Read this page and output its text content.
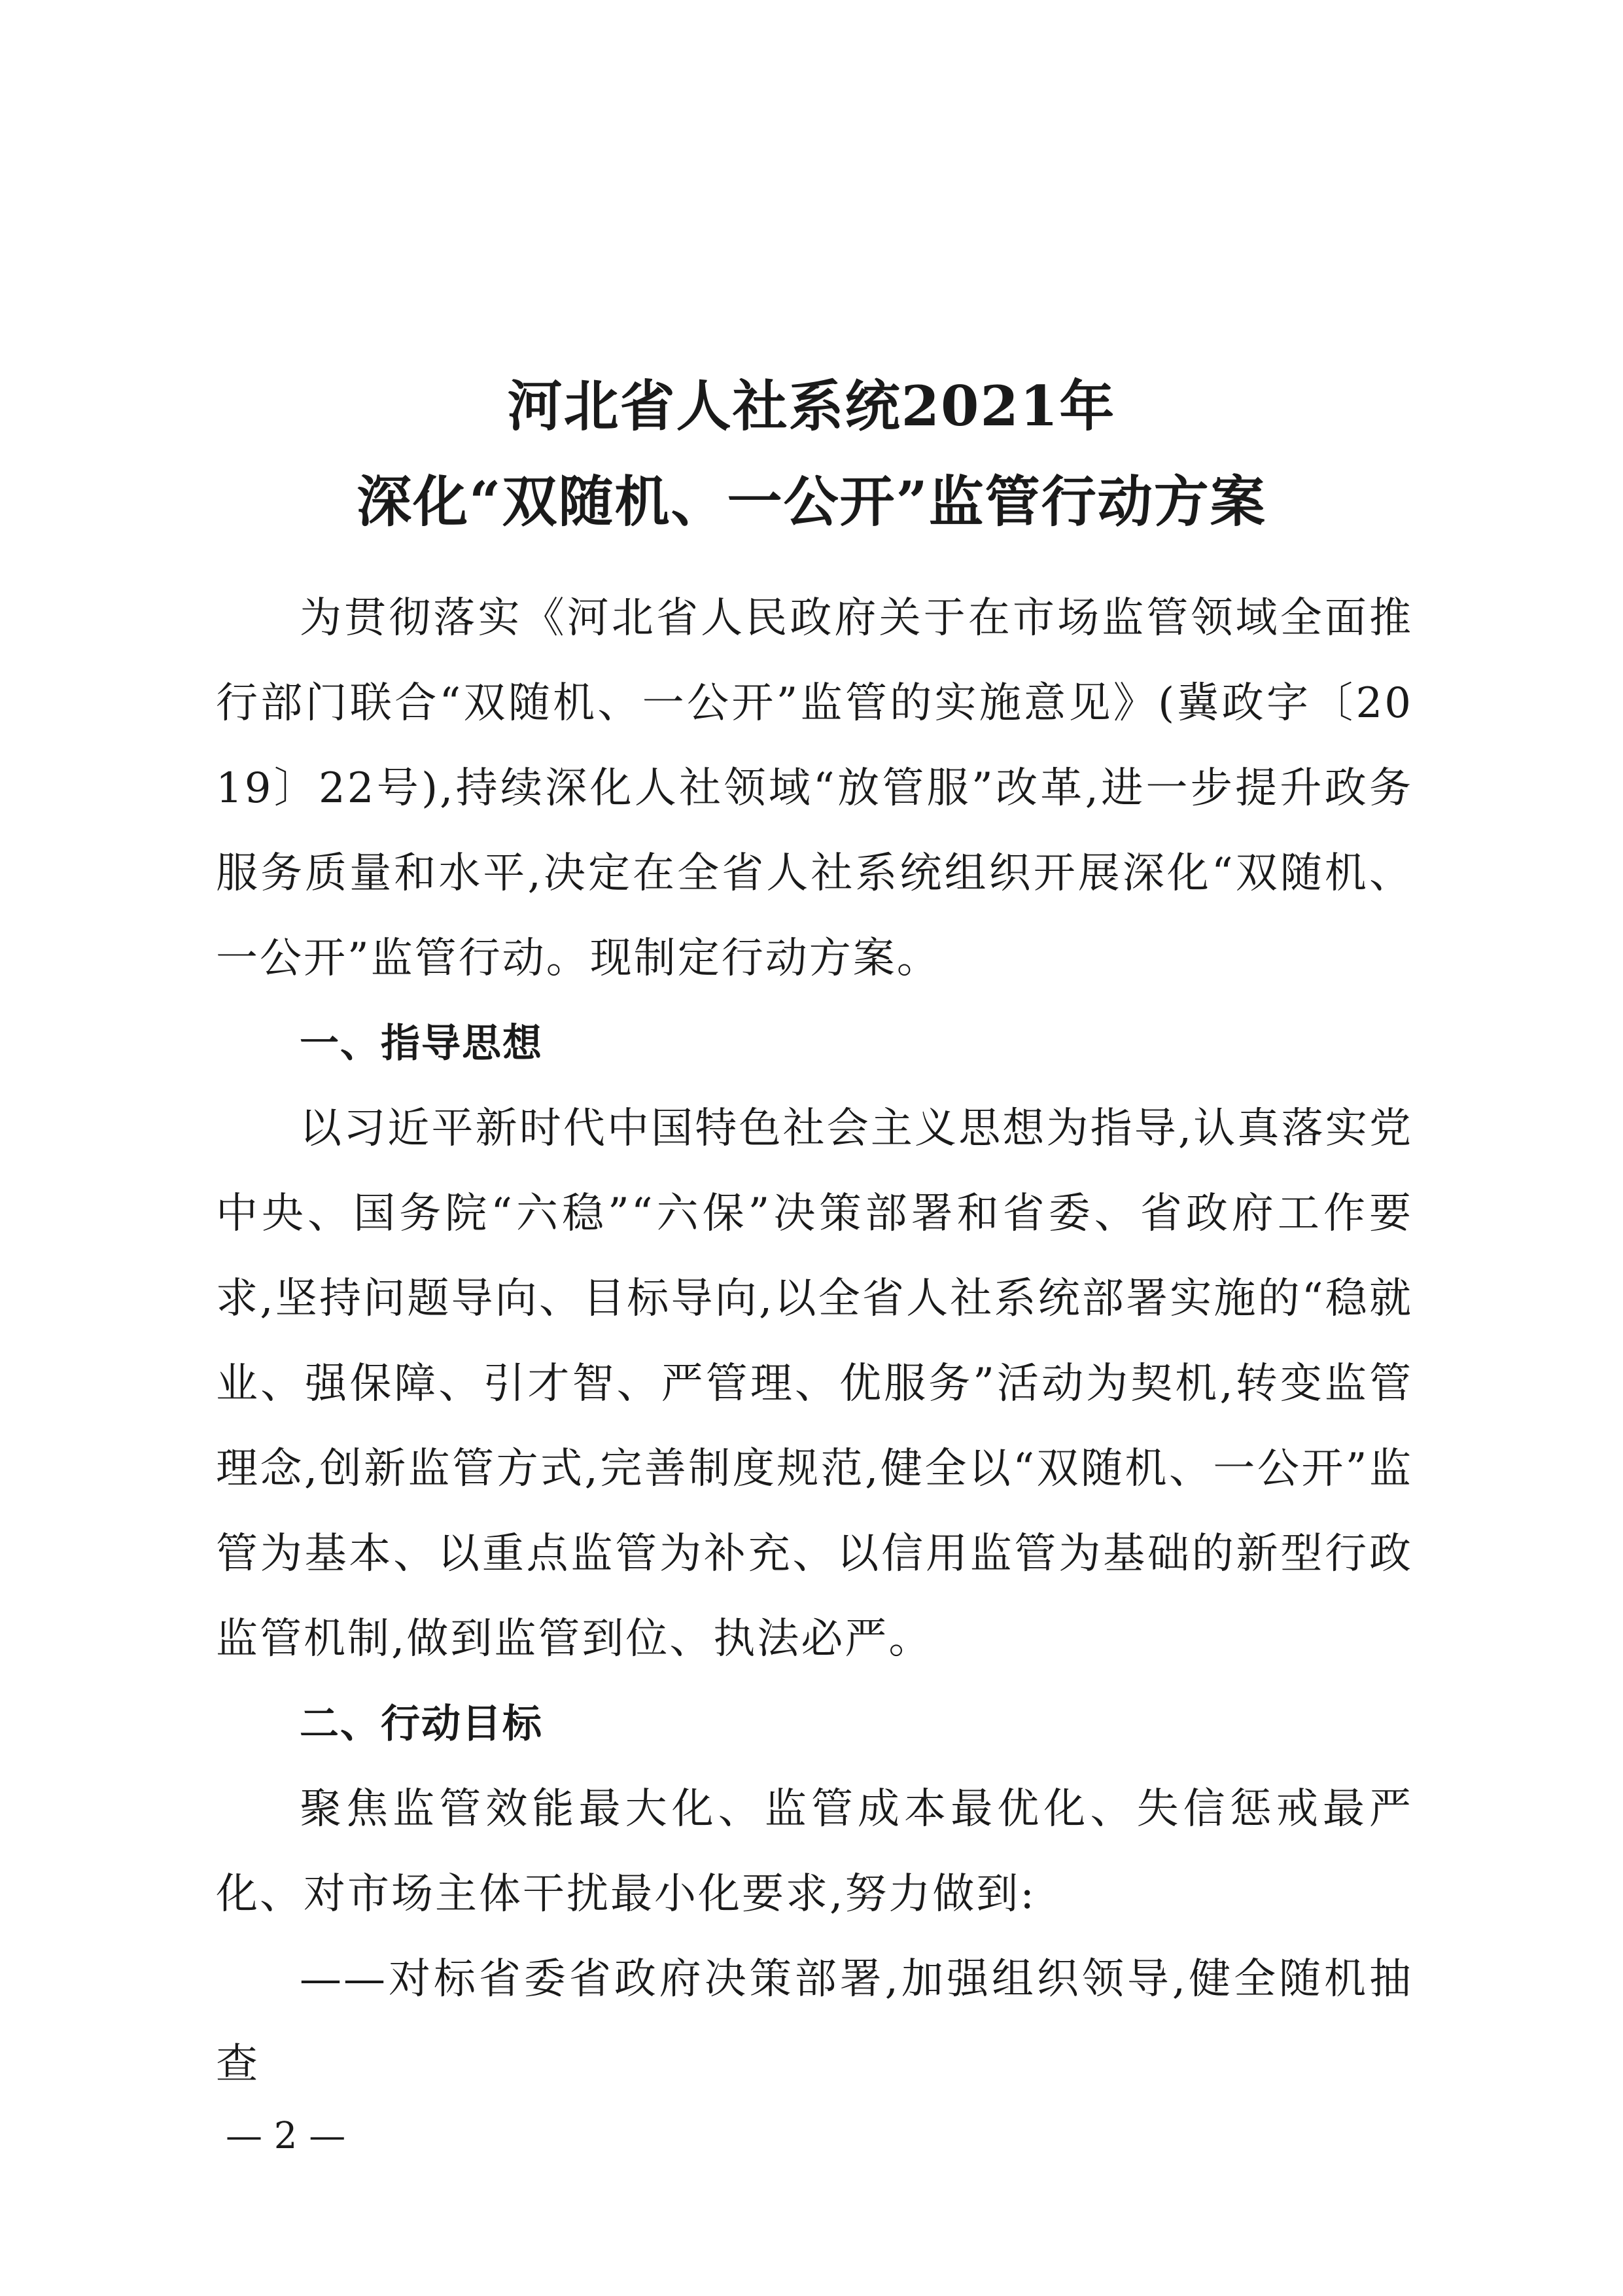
河北省人社系统2021年
深化“双随机、一公开”监管行动方案

为贯彻落实《河北省人民政府关于在市场监管领域全面推行部门联合“双随机、一公开”监管的实施意见》(冀政字〔2019〕22号),持续深化人社领域“放管服”改革,进一步提升政务服务质量和水平,决定在全省人社系统组织开展深化“双随机、一公开”监管行动。现制定行动方案。

一、指导思想

以习近平新时代中国特色社会主义思想为指导,认真落实党中央、国务院“六稳”“六保”决策部署和省委、省政府工作要求,坚持问题导向、目标导向,以全省人社系统部署实施的“稳就业、强保障、引才智、严管理、优服务”活动为契机,转变监管理念,创新监管方式,完善制度规范,健全以“双随机、一公开”监管为基本、以重点监管为补充、以信用监管为基础的新型行政监管机制,做到监管到位、执法必严。

二、行动目标

聚焦监管效能最大化、监管成本最优化、失信惩戒最严化、对市场主体干扰最小化要求,努力做到:

——对标省委省政府决策部署,加强组织领导,健全随机抽查

— 2 —
